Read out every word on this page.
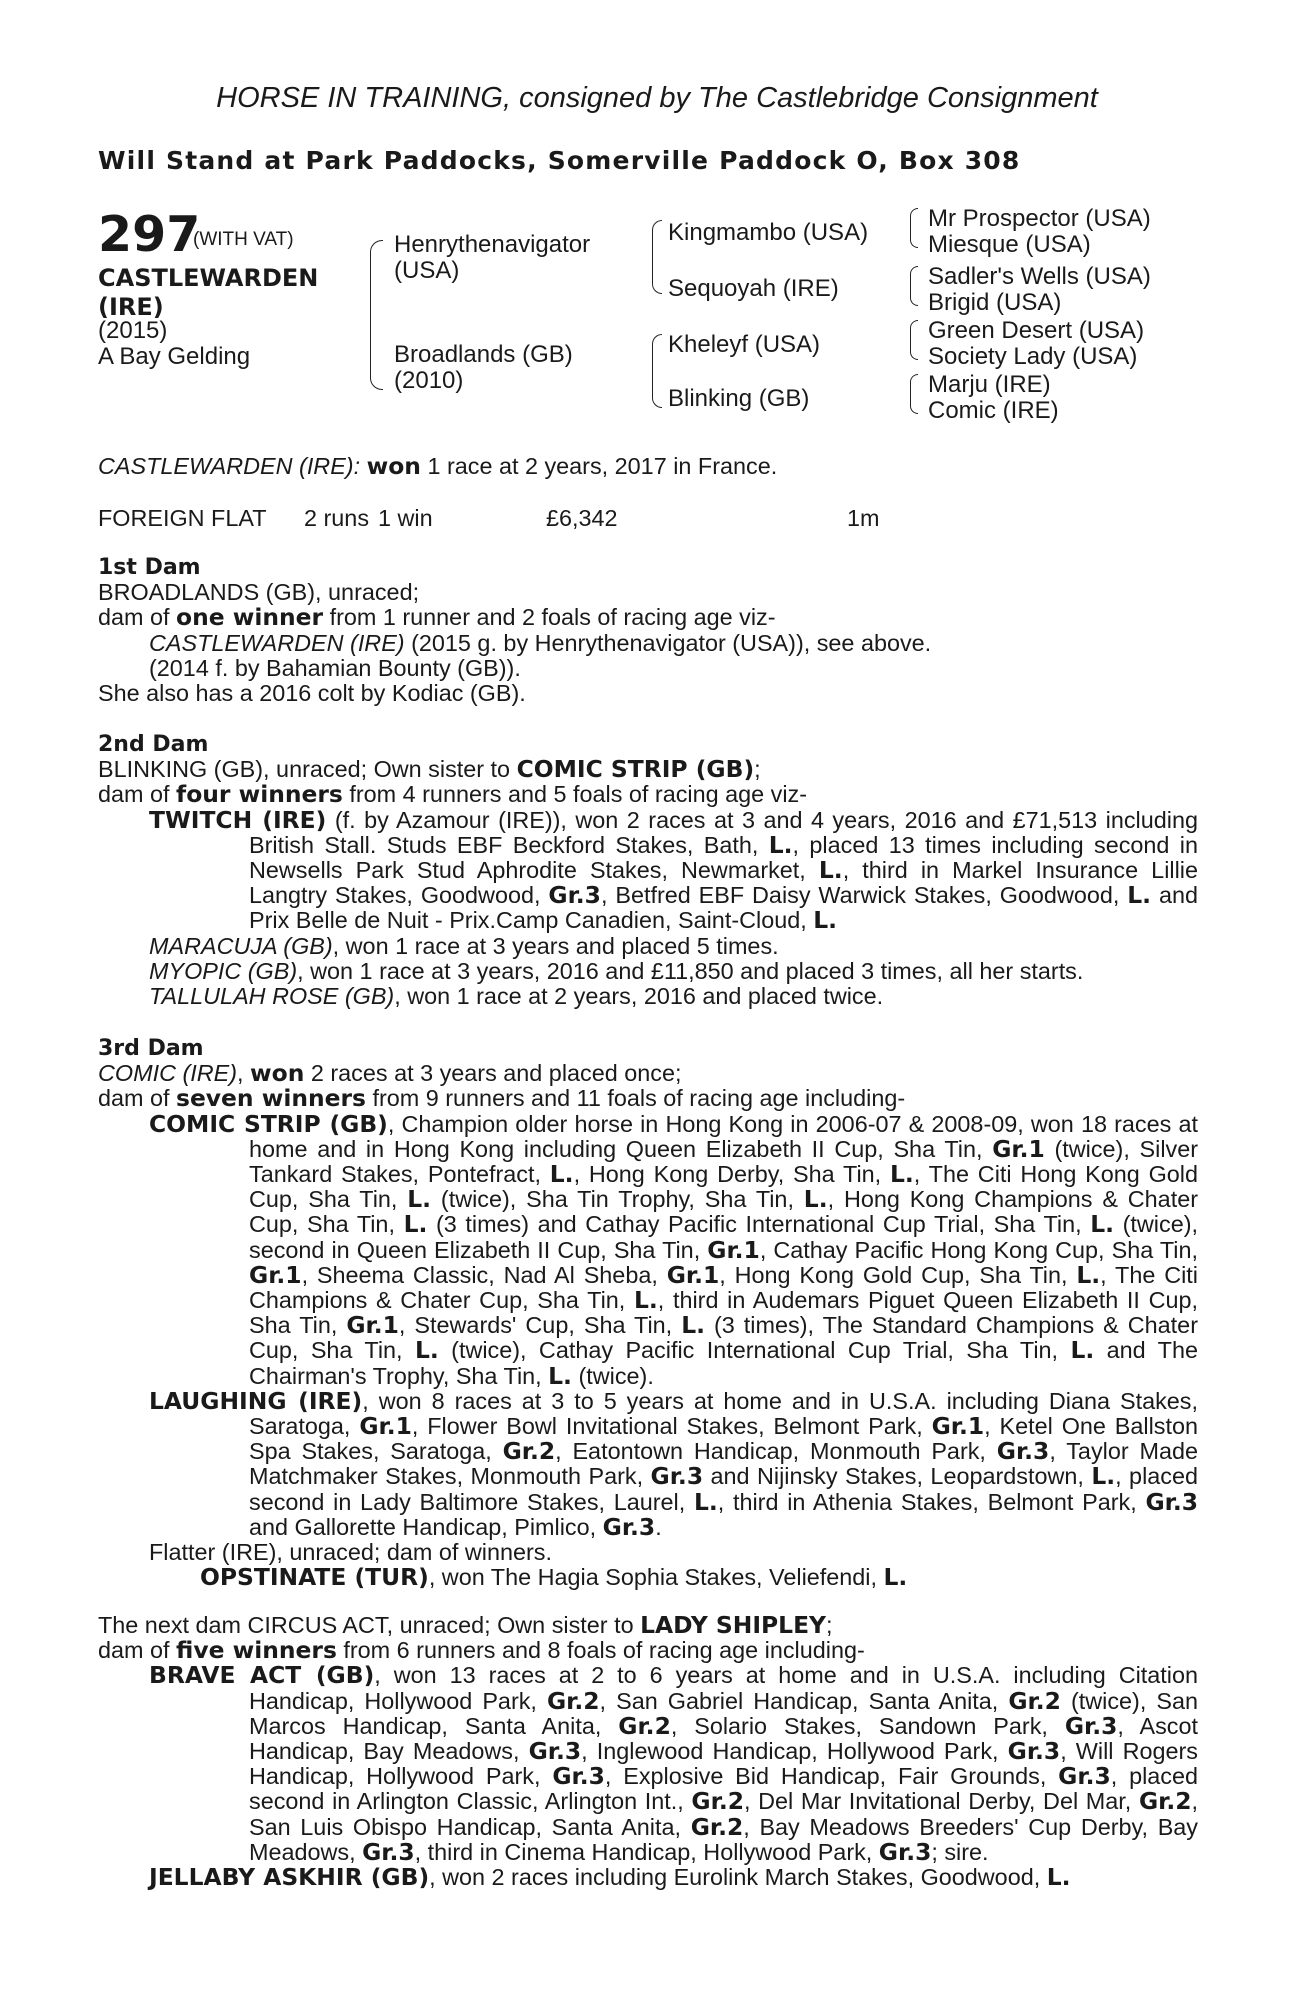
HORSE IN TRAINING, consigned by The Castlebridge Consignment
Will Stand at Park Paddocks, Somerville Paddock O, Box 308
297
(WITH VAT)
CASTLEWARDEN (IRE)
(2015)
A Bay Gelding
Henrythenavigator
(USA)
Broadlands (GB)
(2010)
Kingmambo (USA)
Sequoyah (IRE)
Kheleyf (USA)
Blinking (GB)
Mr Prospector (USA)
Miesque (USA)
Sadler's Wells (USA)
Brigid (USA)
Green Desert (USA)
Society Lady (USA)
Marju (IRE)
Comic (IRE)
CASTLEWARDEN (IRE): won 1 race at 2 years, 2017 in France.
FOREIGN FLAT 2 runs 1 win	£6,342	1m

1st Dam

BROADLANDS (GB), unraced;

dam of one winner from 1 runner and 2 foals of racing age viz-

CASTLEWARDEN (IRE) (2015 g. by Henrythenavigator (USA)), see above.

(2014 f. by Bahamian Bounty (GB)).

She also has a 2016 colt by Kodiac (GB).

2nd Dam

BLINKING (GB), unraced; Own sister to COMIC STRIP (GB);

dam of four winners from 4 runners and 5 foals of racing age viz-

TWITCH (IRE) (f. by Azamour (IRE)), won 2 races at 3 and 4 years, 2016 and £71,513 including British Stall. Studs EBF Beckford Stakes, Bath, L., placed 13 times including second in Newsells Park Stud Aphrodite Stakes, Newmarket, L., third in Markel Insurance Lillie Langtry Stakes, Goodwood, Gr.3, Betfred EBF Daisy Warwick Stakes, Goodwood, L. and Prix Belle de Nuit - Prix.Camp Canadien, Saint-Cloud, L.

MARACUJA (GB), won 1 race at 3 years and placed 5 times.

MYOPIC (GB), won 1 race at 3 years, 2016 and £11,850 and placed 3 times, all her starts.

TALLULAH ROSE (GB), won 1 race at 2 years, 2016 and placed twice.

3rd Dam

COMIC (IRE), won 2 races at 3 years and placed once;

dam of seven winners from 9 runners and 11 foals of racing age including-

COMIC STRIP (GB), Champion older horse in Hong Kong in 2006-07 & 2008-09, won 18 races at home and in Hong Kong including Queen Elizabeth II Cup, Sha Tin, Gr.1 (twice), Silver Tankard Stakes, Pontefract, L., Hong Kong Derby, Sha Tin, L., The Citi Hong Kong Gold Cup, Sha Tin, L. (twice), Sha Tin Trophy, Sha Tin, L., Hong Kong Champions & Chater Cup, Sha Tin, L. (3 times) and Cathay Pacific International Cup Trial, Sha Tin, L. (twice), second in Queen Elizabeth II Cup, Sha Tin, Gr.1, Cathay Pacific Hong Kong Cup, Sha Tin, Gr.1, Sheema Classic, Nad Al Sheba, Gr.1, Hong Kong Gold Cup, Sha Tin, L., The Citi Champions & Chater Cup, Sha Tin, L., third in Audemars Piguet Queen Elizabeth II Cup, Sha Tin, Gr.1, Stewards' Cup, Sha Tin, L. (3 times), The Standard Champions & Chater Cup, Sha Tin, L. (twice), Cathay Pacific International Cup Trial, Sha Tin, L. and The Chairman's Trophy, Sha Tin, L. (twice).

LAUGHING (IRE), won 8 races at 3 to 5 years at home and in U.S.A. including Diana Stakes, Saratoga, Gr.1, Flower Bowl Invitational Stakes, Belmont Park, Gr.1, Ketel One Ballston Spa Stakes, Saratoga, Gr.2, Eatontown Handicap, Monmouth Park, Gr.3, Taylor Made Matchmaker Stakes, Monmouth Park, Gr.3 and Nijinsky Stakes, Leopardstown, L., placed second in Lady Baltimore Stakes, Laurel, L., third in Athenia Stakes, Belmont Park, Gr.3 and Gallorette Handicap, Pimlico, Gr.3.

Flatter (IRE), unraced; dam of winners.

OPSTINATE (TUR), won The Hagia Sophia Stakes, Veliefendi, L.

The next dam CIRCUS ACT, unraced; Own sister to LADY SHIPLEY;

dam of five winners from 6 runners and 8 foals of racing age including-

BRAVE ACT (GB), won 13 races at 2 to 6 years at home and in U.S.A. including Citation Handicap, Hollywood Park, Gr.2, San Gabriel Handicap, Santa Anita, Gr.2 (twice), San Marcos Handicap, Santa Anita, Gr.2, Solario Stakes, Sandown Park, Gr.3, Ascot Handicap, Bay Meadows, Gr.3, Inglewood Handicap, Hollywood Park, Gr.3, Will Rogers Handicap, Hollywood Park, Gr.3, Explosive Bid Handicap, Fair Grounds, Gr.3, placed second in Arlington Classic, Arlington Int., Gr.2, Del Mar Invitational Derby, Del Mar, Gr.2, San Luis Obispo Handicap, Santa Anita, Gr.2, Bay Meadows Breeders' Cup Derby, Bay Meadows, Gr.3, third in Cinema Handicap, Hollywood Park, Gr.3; sire.

JELLABY ASKHIR (GB), won 2 races including Eurolink March Stakes, Goodwood, L.
